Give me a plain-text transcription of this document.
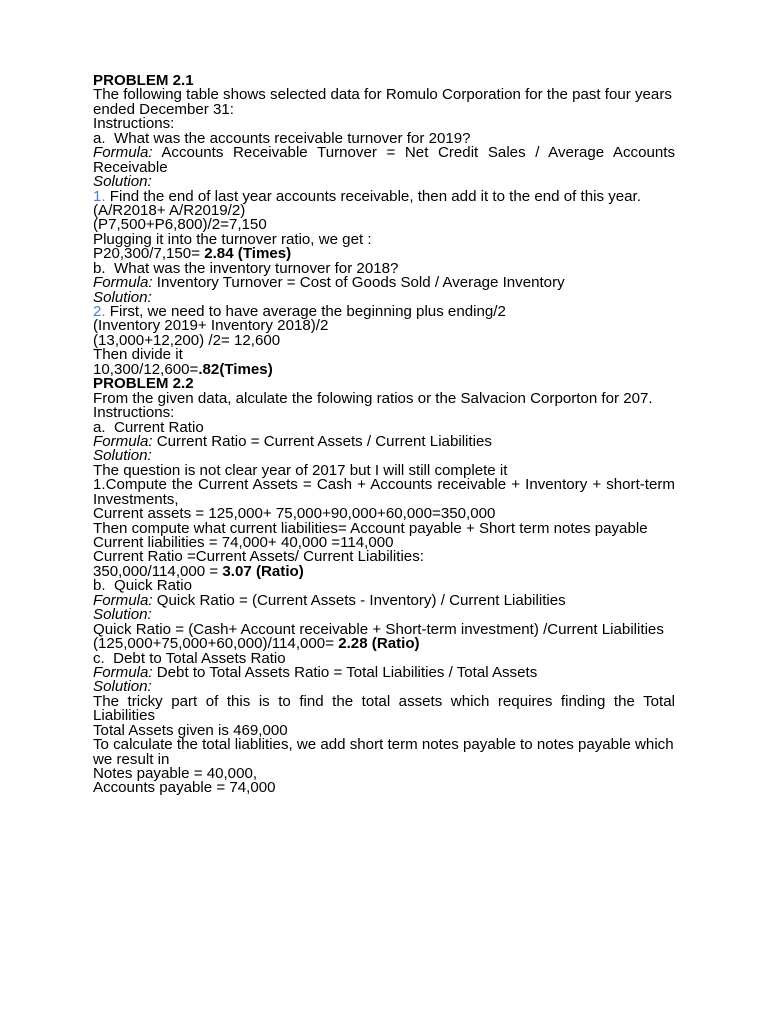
PROBLEM 2.1
The following table shows selected data for Romulo Corporation for the past four years
ended December 31:
Instructions:
a.  What was the accounts receivable turnover for 2019?
Formula: Accounts Receivable Turnover = Net Credit Sales / Average Accounts
Receivable
Solution:
1. Find the end of last year accounts receivable, then add it to the end of this year.
(A/R2018+ A/R2019/2)
(P7,500+P6,800)/2=7,150
Plugging it into the turnover ratio, we get :
P20,300/7,150= 2.84 (Times)
b.  What was the inventory turnover for 2018?
Formula: Inventory Turnover = Cost of Goods Sold / Average Inventory
Solution:
2. First, we need to have average the beginning plus ending/2
(Inventory 2019+ Inventory 2018)/2
(13,000+12,200) /2= 12,600
Then divide it
10,300/12,600=.82(Times)
PROBLEM 2.2
From the given data, alculate the folowing ratios or the Salvacion Corporton for 207.
Instructions:
a.  Current Ratio
Formula: Current Ratio = Current Assets / Current Liabilities
Solution:
The question is not clear year of 2017 but I will still complete it
1.Compute the Current Assets = Cash + Accounts receivable + Inventory + short-term
Investments,
Current assets = 125,000+ 75,000+90,000+60,000=350,000
Then compute what current liabilities= Account payable + Short term notes payable
Current liabilities = 74,000+ 40,000 =114,000
Current Ratio =Current Assets/ Current Liabilities:
350,000/114,000 = 3.07 (Ratio)
b.  Quick Ratio
Formula: Quick Ratio = (Current Assets - Inventory) / Current Liabilities
Solution:
Quick Ratio = (Cash+ Account receivable + Short-term investment) /Current Liabilities
(125,000+75,000+60,000)/114,000= 2.28 (Ratio)
c.  Debt to Total Assets Ratio
Formula: Debt to Total Assets Ratio = Total Liabilities / Total Assets
Solution:
The tricky part of this is to find the total assets which requires finding the Total
Liabilities
Total Assets given is 469,000
To calculate the total liablities, we add short term notes payable to notes payable which
we result in
Notes payable = 40,000,
Accounts payable = 74,000
